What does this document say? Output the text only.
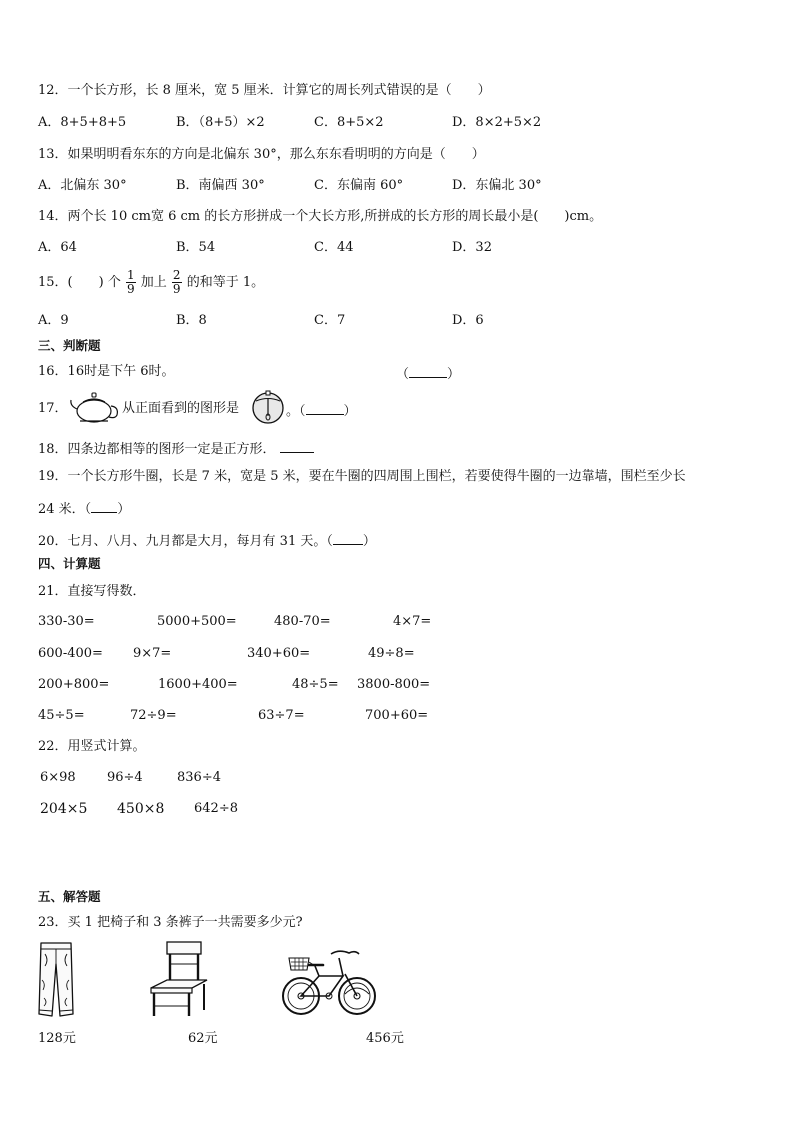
12．一个长方形，长 8 厘米，宽 5 厘米．计算它的周长列式错误的是（　　）
A．8+5+8+5	B．（8+5）×2	C．8+5×2	D．8×2+5×2
13．如果明明看东东的方向是北偏东 30°，那么东东看明明的方向是（　　）
A．北偏东 30°	B．南偏西 30°	C．东偏南 60°	D．东偏北 30°
14．两个长 10 cm宽 6 cm 的长方形拼成一个大长方形,所拼成的长方形的周长最小是(　　)cm。
A．64	B．54	C．44	D．32
15．(　　) 个 $\frac{1}{9}$ 加上 $\frac{2}{9}$ 的和等于 1。
A．9	B．8	C．7	D．6
三、判断题
16．16时是下午 6时。	（	）
17．	从正面看到的图形是	。（	）
18．四条边都相等的图形一定是正方形．
19．一个长方形牛圈，长是 7 米，宽是 5 米，要在牛圈的四周围上围栏，若要使得牛圈的一边靠墙，围栏至少长
24 米．（ ）
20．七月、八月、九月都是大月，每月有 31 天。（ ）
四、计算题
21．直接写得数．
330-30=	5000+500=	480-70=	4×7=
600-400= 9×7=	340+60=	49÷8=
200+800=	1600+400=	48÷5= 3800-800=
45÷5=	72÷9=	63÷7=	700+60=
22．用竖式计算。
6×98 96÷4	836÷4
204×5 450×8 642÷8
五、解答题
23．买 1 把椅子和 3 条裤子一共需要多少元?
128元	62元	456元
